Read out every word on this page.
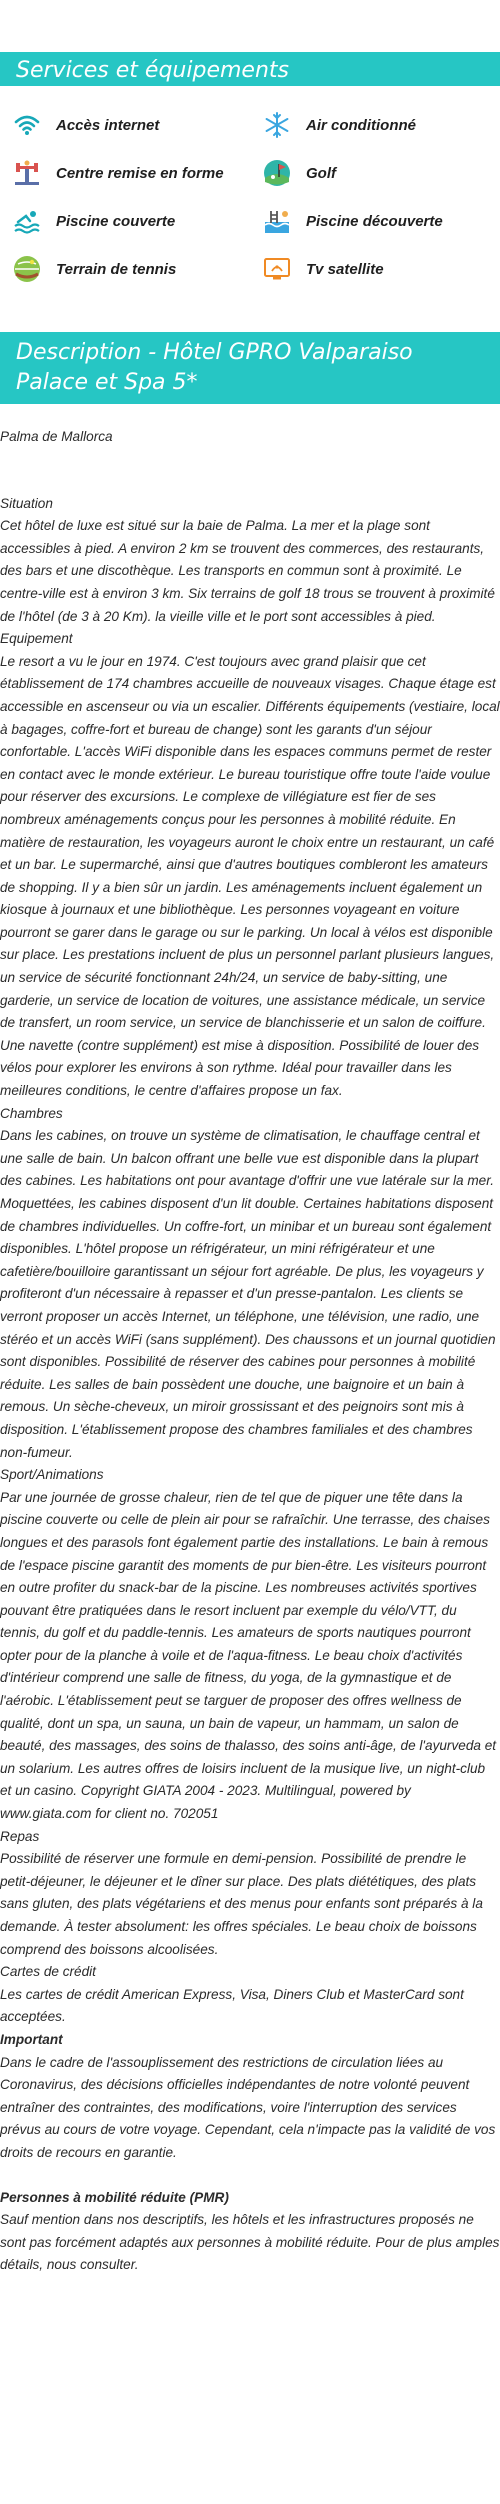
Services et équipements
Accès internet	Air conditionné
Centre remise en forme	Golf
Piscine couverte	Piscine découverte
Terrain de tennis	Tv satellite
Description - Hôtel GPRO Valparaiso Palace et Spa 5*

Palma de Mallorca

Situation

Cet hôtel de luxe est situé sur la baie de Palma. La mer et la plage sont accessibles à pied. A environ 2 km se trouvent des commerces, des restaurants, des bars et une discothèque. Les transports en commun sont à proximité. Le centre-ville est à environ 3 km. Six terrains de golf 18 trous se trouvent à proximité de l'hôtel (de 3 à 20 Km). la vieille ville et le port sont accessibles à pied.

Equipement

Le resort a vu le jour en 1974. C'est toujours avec grand plaisir que cet établissement de 174 chambres accueille de nouveaux visages. Chaque étage est accessible en ascenseur ou via un escalier. Différents équipements (vestiaire, local à bagages, coffre-fort et bureau de change) sont les garants d'un séjour confortable. L'accès WiFi disponible dans les espaces communs permet de rester en contact avec le monde extérieur. Le bureau touristique offre toute l'aide voulue pour réserver des excursions. Le complexe de villégiature est fier de ses nombreux aménagements conçus pour les personnes à mobilité réduite. En matière de restauration, les voyageurs auront le choix entre un restaurant, un café et un bar. Le supermarché, ainsi que d'autres boutiques combleront les amateurs de shopping. Il y a bien sûr un jardin. Les aménagements incluent également un kiosque à journaux et une bibliothèque. Les personnes voyageant en voiture pourront se garer dans le garage ou sur le parking. Un local à vélos est disponible sur place. Les prestations incluent de plus un personnel parlant plusieurs langues, un service de sécurité fonctionnant 24h/24, un service de baby-sitting, une garderie, un service de location de voitures, une assistance médicale, un service de transfert, un room service, un service de blanchisserie et un salon de coiffure. Une navette (contre supplément) est mise à disposition. Possibilité de louer des vélos pour explorer les environs à son rythme. Idéal pour travailler dans les meilleures conditions, le centre d'affaires propose un fax.

Chambres

Dans les cabines, on trouve un système de climatisation, le chauffage central et une salle de bain. Un balcon offrant une belle vue est disponible dans la plupart des cabines. Les habitations ont pour avantage d'offrir une vue latérale sur la mer. Moquettées, les cabines disposent d'un lit double. Certaines habitations disposent de chambres individuelles. Un coffre-fort, un minibar et un bureau sont également disponibles. L'hôtel propose un réfrigérateur, un mini réfrigérateur et une cafetière/bouilloire garantissant un séjour fort agréable. De plus, les voyageurs y profiteront d'un nécessaire à repasser et d'un presse-pantalon. Les clients se verront proposer un accès Internet, un téléphone, une télévision, une radio, une stéréo et un accès WiFi (sans supplément). Des chaussons et un journal quotidien sont disponibles. Possibilité de réserver des cabines pour personnes à mobilité réduite. Les salles de bain possèdent une douche, une baignoire et un bain à remous. Un sèche-cheveux, un miroir grossissant et des peignoirs sont mis à disposition. L'établissement propose des chambres familiales et des chambres non-fumeur.

Sport/Animations

Par une journée de grosse chaleur, rien de tel que de piquer une tête dans la piscine couverte ou celle de plein air pour se rafraîchir. Une terrasse, des chaises longues et des parasols font également partie des installations. Le bain à remous de l'espace piscine garantit des moments de pur bien-être. Les visiteurs pourront en outre profiter du snack-bar de la piscine. Les nombreuses activités sportives pouvant être pratiquées dans le resort incluent par exemple du vélo/VTT, du tennis, du golf et du paddle-tennis. Les amateurs de sports nautiques pourront opter pour de la planche à voile et de l'aqua-fitness. Le beau choix d'activités d'intérieur comprend une salle de fitness, du yoga, de la gymnastique et de l'aérobic. L'établissement peut se targuer de proposer des offres wellness de qualité, dont un spa, un sauna, un bain de vapeur, un hammam, un salon de beauté, des massages, des soins de thalasso, des soins anti-âge, de l'ayurveda et un solarium. Les autres offres de loisirs incluent de la musique live, un night-club et un casino. Copyright GIATA 2004 - 2023. Multilingual, powered by www.giata.com for client no. 702051

Repas

Possibilité de réserver une formule en demi-pension. Possibilité de prendre le petit-déjeuner, le déjeuner et le dîner sur place. Des plats diététiques, des plats sans gluten, des plats végétariens et des menus pour enfants sont préparés à la demande. À tester absolument: les offres spéciales. Le beau choix de boissons comprend des boissons alcoolisées.

Cartes de crédit

Les cartes de crédit American Express, Visa, Diners Club et MasterCard sont acceptées.

Important

Dans le cadre de l'assouplissement des restrictions de circulation liées au Coronavirus, des décisions officielles indépendantes de notre volonté peuvent entraîner des contraintes, des modifications, voire l'interruption des services prévus au cours de votre voyage. Cependant, cela n'impacte pas la validité de vos droits de recours en garantie.

Personnes à mobilité réduite (PMR)

Sauf mention dans nos descriptifs, les hôtels et les infrastructures proposés ne sont pas forcément adaptés aux personnes à mobilité réduite. Pour de plus amples détails, nous consulter.
